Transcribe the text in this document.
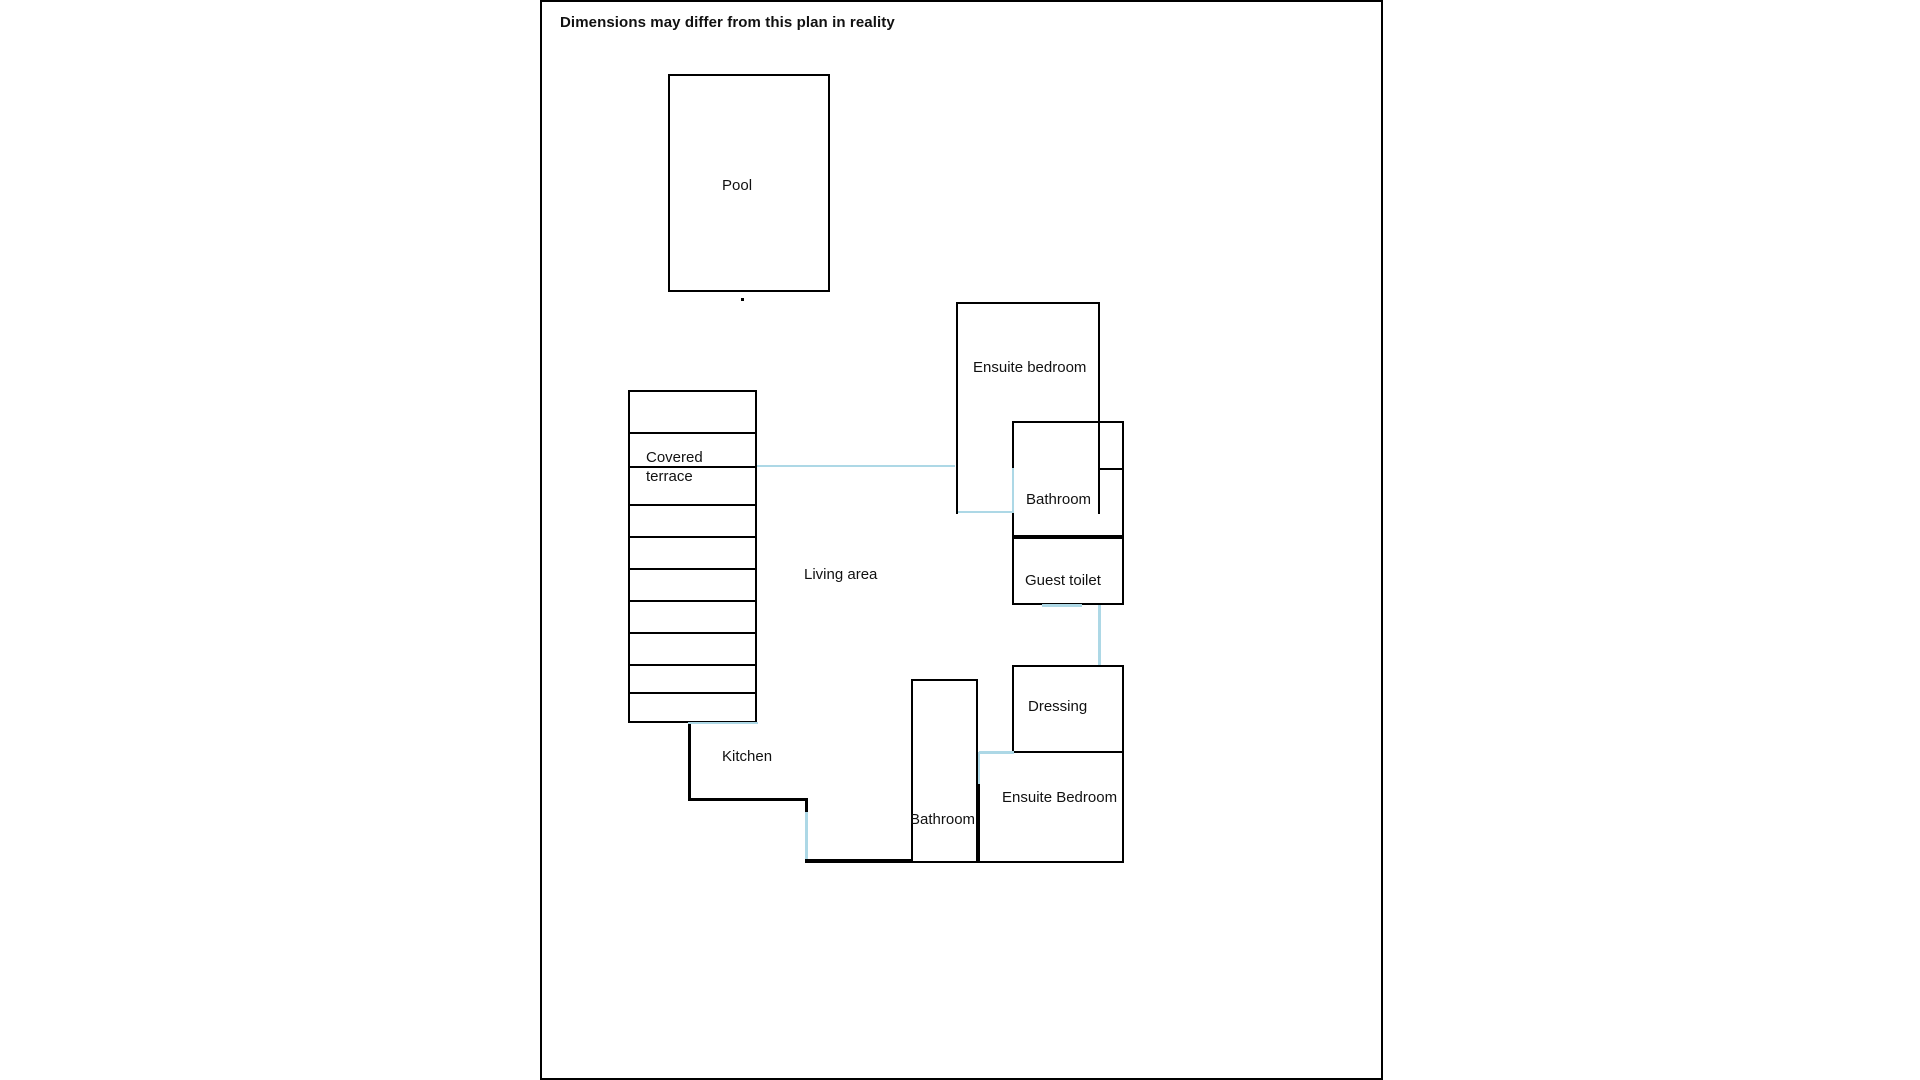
Dimensions may differ from this plan in reality
Pool
Covered
terrace
Living area
Ensuite bedroom
Bathroom
Guest toilet
Dressing
Ensuite Bedroom
Bathroom
Kitchen
